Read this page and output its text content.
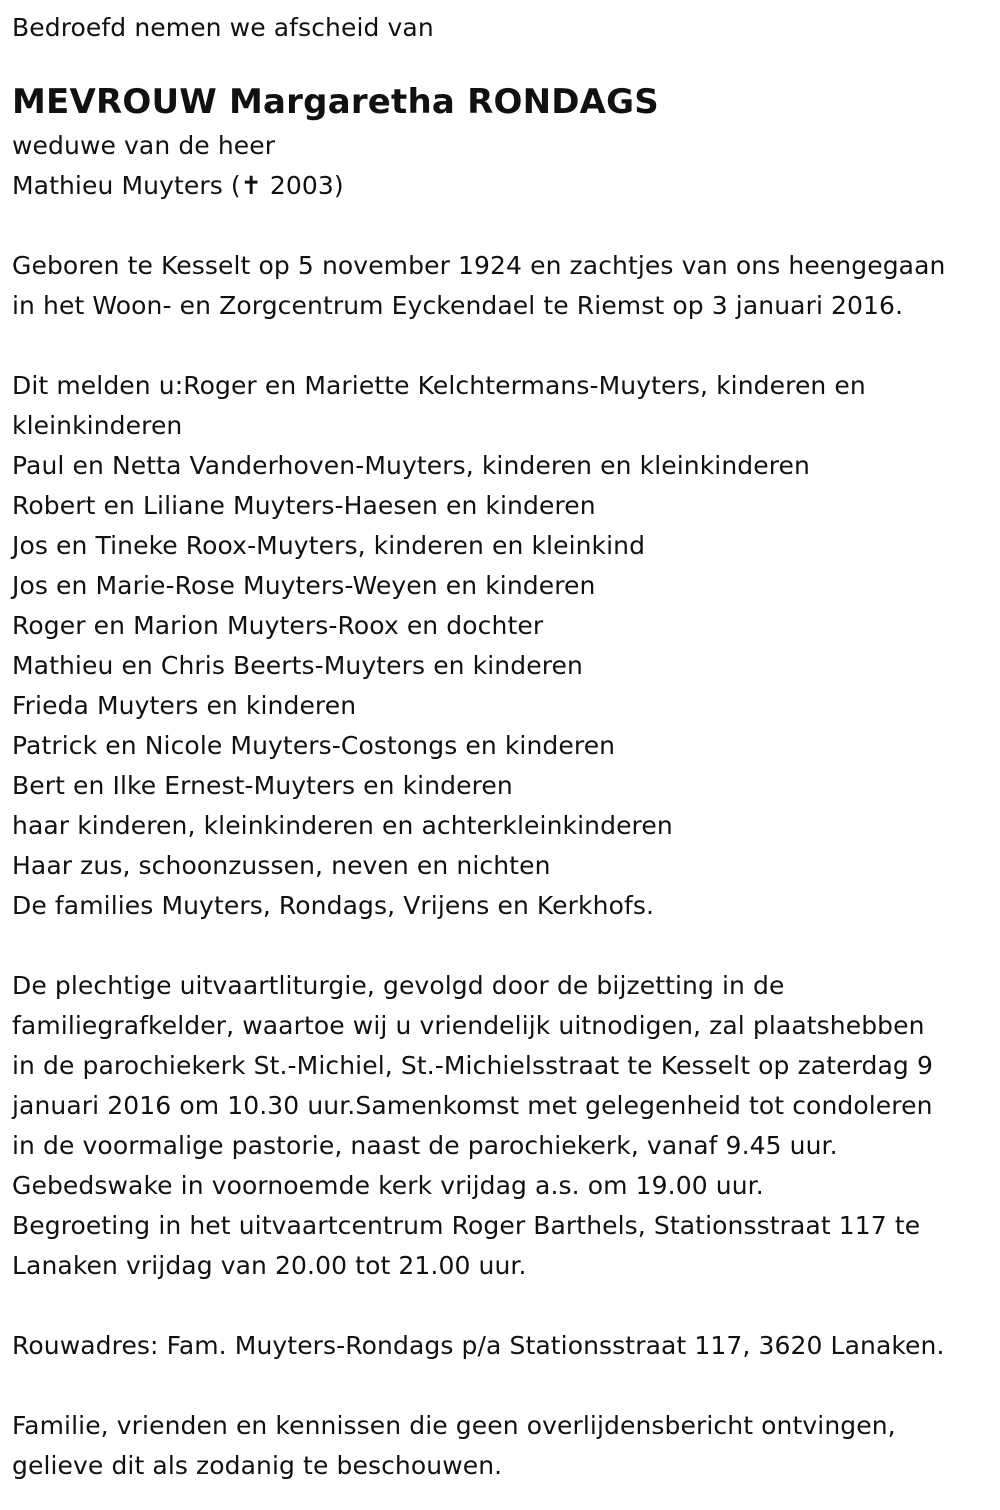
Bedroefd nemen we afscheid van
MEVROUW Margaretha RONDAGS
weduwe van de heer
Mathieu Muyters (✝ 2003)
Geboren te Kesselt op 5 november 1924 en zachtjes van ons heengegaan
in het Woon- en Zorgcentrum Eyckendael te Riemst op 3 januari 2016.
Dit melden u:Roger en Mariette Kelchtermans-Muyters, kinderen en
kleinkinderen
Paul en Netta Vanderhoven-Muyters, kinderen en kleinkinderen
Robert en Liliane Muyters-Haesen en kinderen
Jos en Tineke Roox-Muyters, kinderen en kleinkind
Jos en Marie-Rose Muyters-Weyen en kinderen
Roger en Marion Muyters-Roox en dochter
Mathieu en Chris Beerts-Muyters en kinderen
Frieda Muyters en kinderen
Patrick en Nicole Muyters-Costongs en kinderen
Bert en Ilke Ernest-Muyters en kinderen
haar kinderen, kleinkinderen en achterkleinkinderen
Haar zus, schoonzussen, neven en nichten
De families Muyters, Rondags, Vrijens en Kerkhofs.
De plechtige uitvaartliturgie, gevolgd door de bijzetting in de
familiegrafkelder, waartoe wij u vriendelijk uitnodigen, zal plaatshebben
in de parochiekerk St.-Michiel, St.-Michielsstraat te Kesselt op zaterdag 9
januari 2016 om 10.30 uur.Samenkomst met gelegenheid tot condoleren
in de voormalige pastorie, naast de parochiekerk, vanaf 9.45 uur.
Gebedswake in voornoemde kerk vrijdag a.s. om 19.00 uur.
Begroeting in het uitvaartcentrum Roger Barthels, Stationsstraat 117 te
Lanaken vrijdag van 20.00 tot 21.00 uur.
Rouwadres: Fam. Muyters-Rondags p/a Stationsstraat 117, 3620 Lanaken.
Familie, vrienden en kennissen die geen overlijdensbericht ontvingen,
gelieve dit als zodanig te beschouwen.
